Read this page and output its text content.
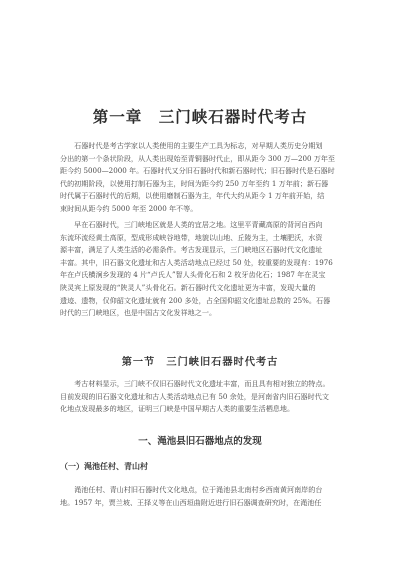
第一章　三门峡石器时代考古
　　石器时代是考古学家以人类使用的主要生产工具为标志，对早期人类历史分期划
分出的第一个条状阶段，从人类出现始至青铜器时代止，即从距今 300 万—200 万年至
距今约 5000—2000 年。石器时代又分旧石器时代和新石器时代；旧石器时代是石器时
代的初期阶段，以使用打制石器为主，时间为距今约 250 万年至约 1 万年前；新石器
时代属于石器时代的后期，以使用磨制石器为主，年代大约从距今 1 万年前开始，结
束时间从距今约 5000 年至 2000 年不等。
　　早在石器时代，三门峡地区就是人类的宜居之地。这里平青藏高原的背河自西向
东流环流经黄土高原，型成形成峡谷地带，地貌以山地、丘陵为主，土壤肥沃，水资
源丰富，满足了人类生活的必需条件。考古发现显示，三门峡地区石器时代文化遗址
丰富。其中，旧石器文化遗址和古人类活动地点已经过 50 处，较重要的发现有：1976
年在卢氏横涧乡发现的 4 片“卢氏人”智人头骨化石和 2 枚牙齿化石；1987 年在灵宝
陕灵宾上原发现的“陕灵人”头骨化石。新石器时代文化遗址更为丰富，发现大量的
遗迹、遗物，仅仰韶文化遗址就有 200 多处，占全国仰韶文化遗址总数的 25%。石器
时代的三门峡地区，也是中国古文化发祥地之一。
第一节　三门峡旧石器时代考古
　　考古材料显示，三门峡不仅旧石器时代文化遗址丰富，而且具有相对独立的特点。
目前发现的旧石器文化遗址和古人类活动地点已有 50 余处，是河南省内旧石器时代文
化地点发现最多的地区，证明三门峡是中国早期古人类的重要生活栖息地。
一、渑池县旧石器地点的发现
（一）渑池任村、青山村
　　渑池任村、青山村旧石器时代文化地点，位于渑池县北南村乡西南黄河南岸的台
地。1957 年，贾兰坡、王择义等在山西垣曲附近进行旧石器调查研究时，在渑池任
